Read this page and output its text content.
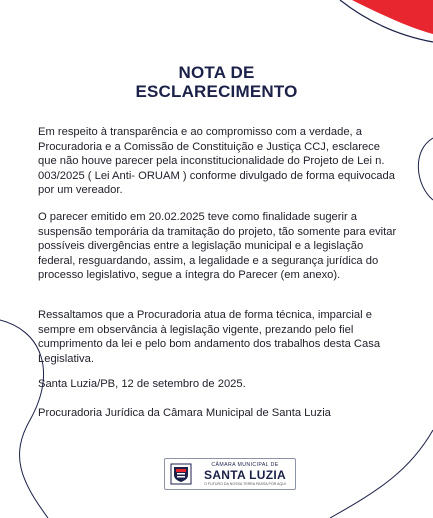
NOTA DE
ESCLARECIMENTO
Em respeito à transparência e ao compromisso com a verdade, a Procuradoria e a Comissão de Constituição e Justiça CCJ, esclarece que não houve parecer pela inconstitucionalidade do Projeto de Lei n. 003/2025 ( Lei Anti- ORUAM ) conforme divulgado de forma equivocada por um vereador.
O parecer emitido em 20.02.2025 teve como finalidade sugerir a suspensão temporária da tramitação do projeto, tão somente para evitar possíveis divergências entre a legislação municipal e a legislação federal, resguardando, assim, a legalidade e a segurança jurídica do processo legislativo, segue a íntegra do Parecer (em anexo).
Ressaltamos que a Procuradoria atua de forma técnica, imparcial e sempre em observância à legislação vigente, prezando pelo fiel cumprimento da lei e pelo bom andamento dos trabalhos desta Casa Legislativa.
Santa Luzia/PB, 12 de setembro de 2025.
Procuradoria Jurídica da Câmara Municipal de Santa Luzia
CÂMARA MUNICIPAL DE
SANTA LUZIA
O FUTURO DA NOSSA TERRA PASSA POR AQUI
